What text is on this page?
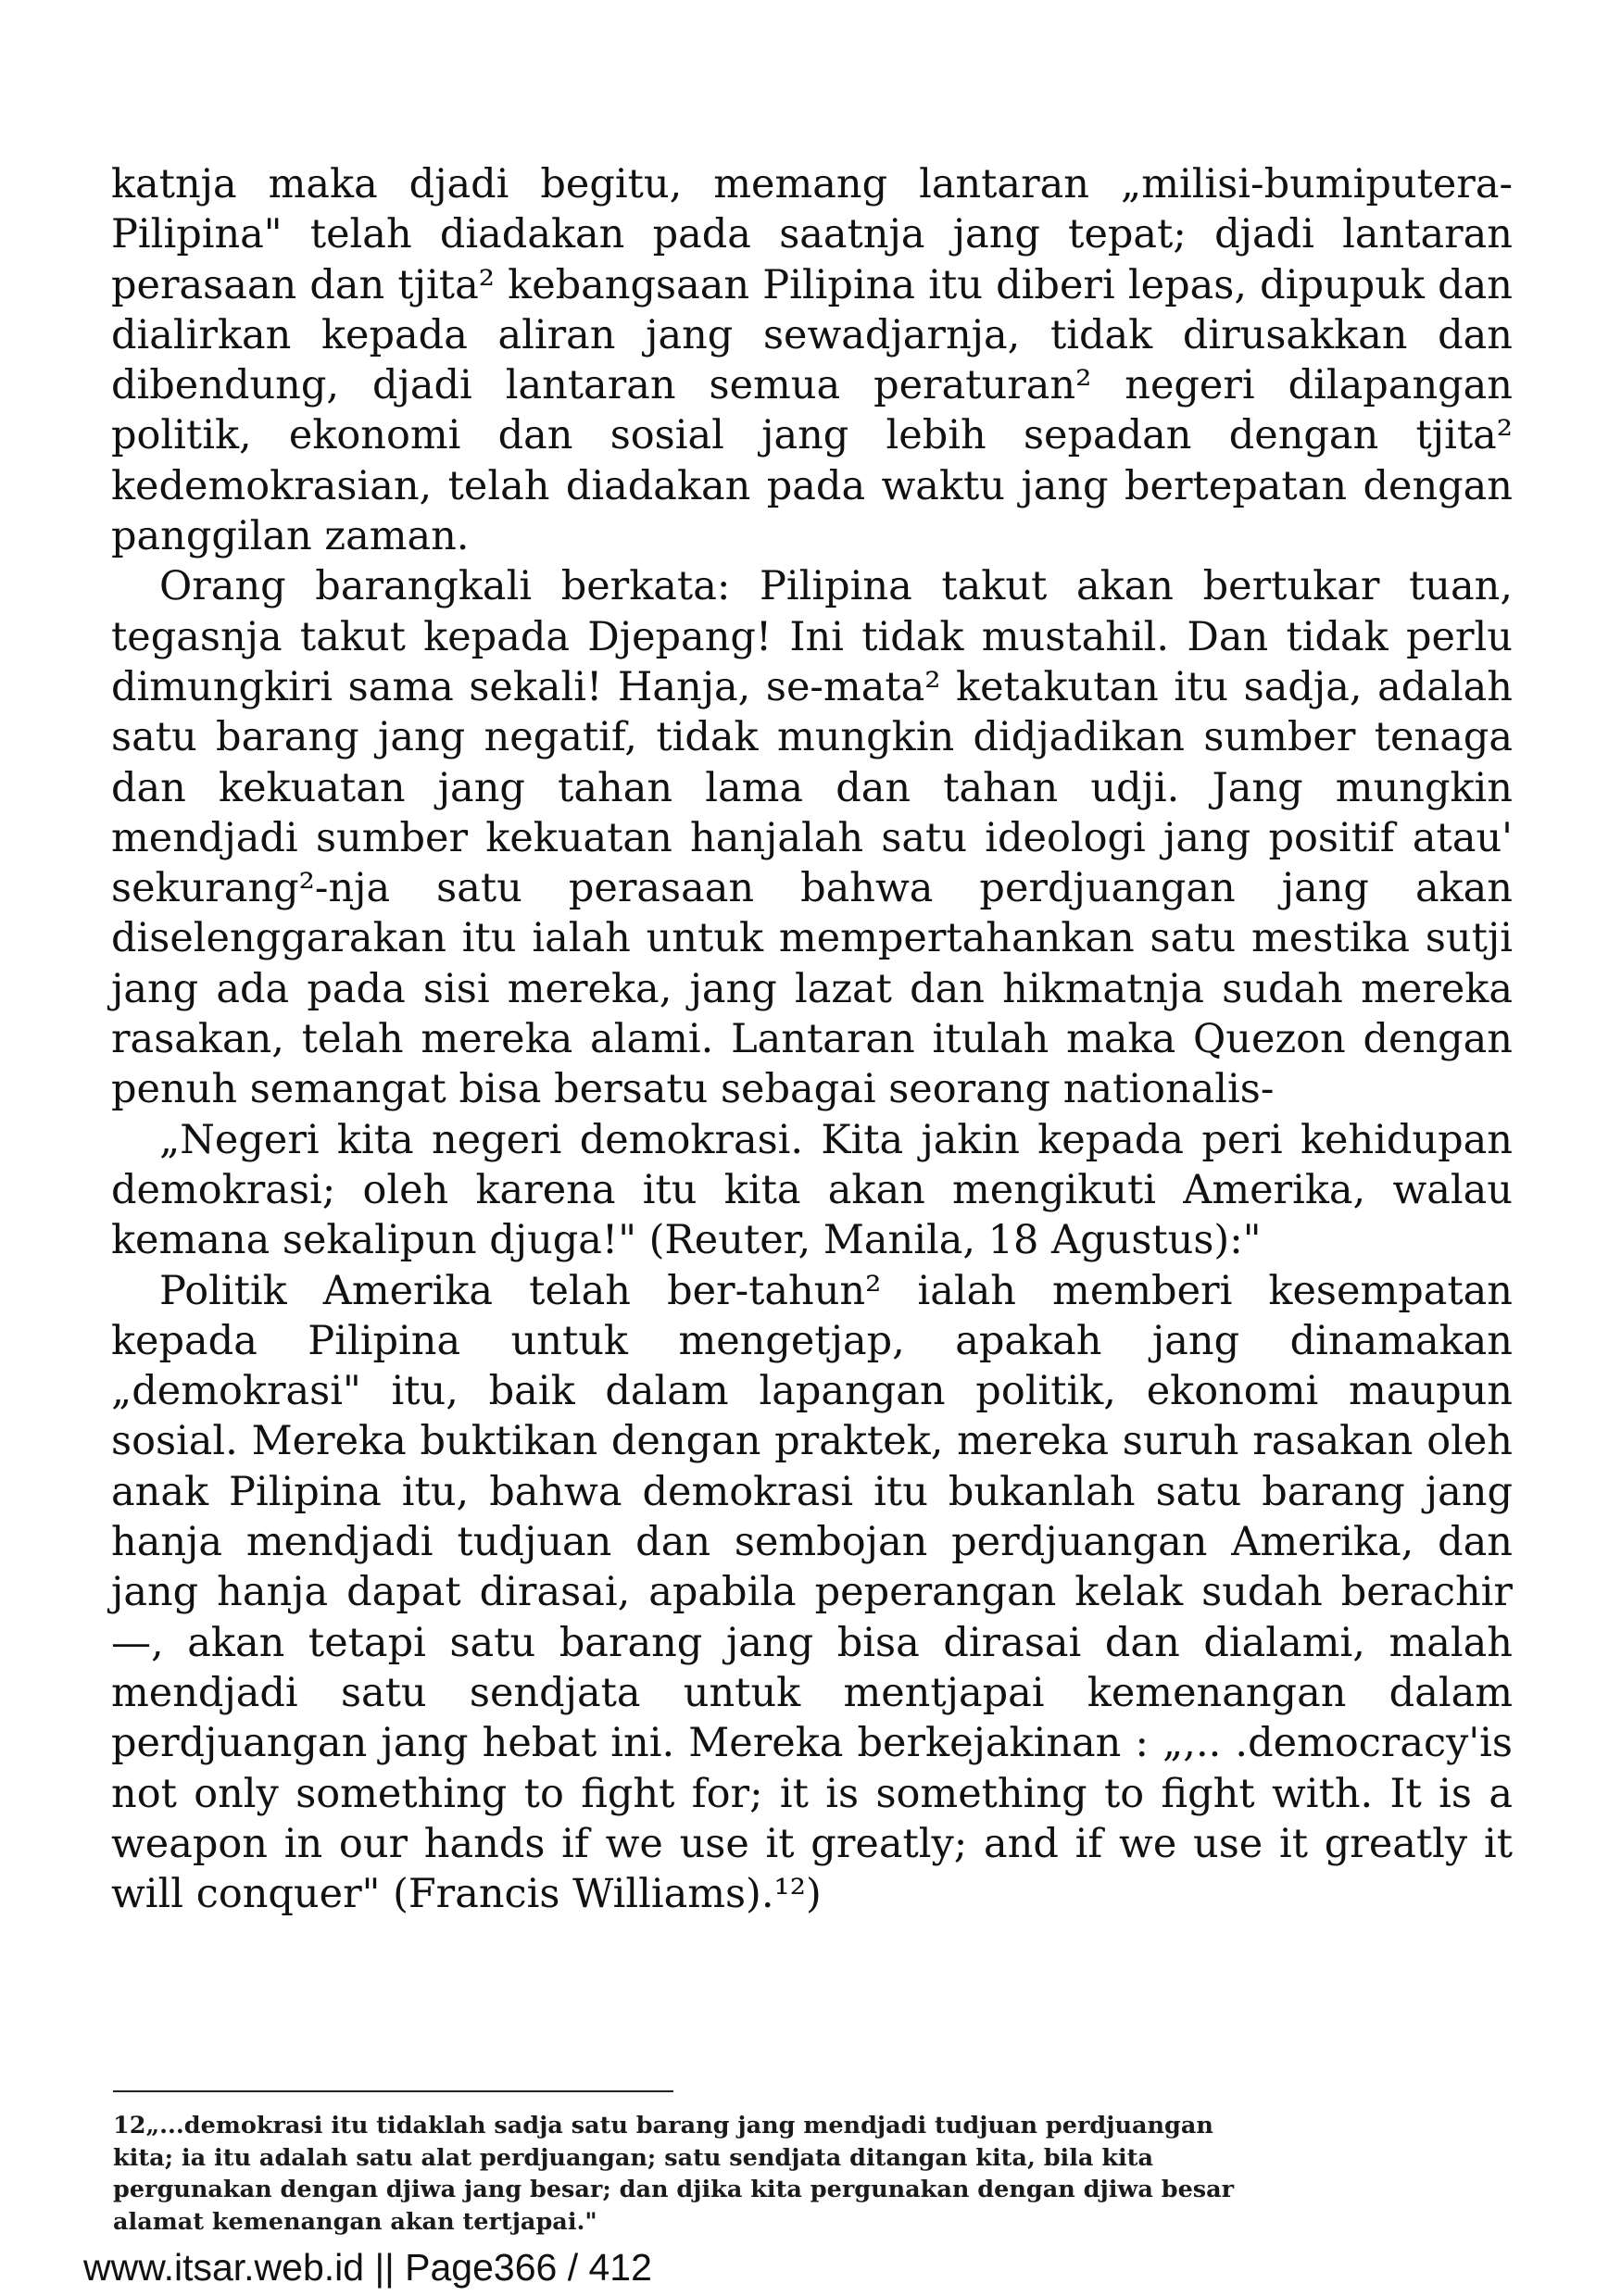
katnja maka djadi begitu, memang lantaran „milisi-bumiputera-Pilipina" telah diadakan pada saatnja jang tepat; djadi lantaran perasaan dan tjita² kebangsaan Pilipina itu diberi lepas, dipupuk dan dialirkan kepada aliran jang sewadjarnja, tidak dirusakkan dan dibendung, djadi lantaran semua peraturan² negeri dilapangan politik, ekonomi dan sosial jang lebih sepadan dengan tjita² kedemokrasian, telah diadakan pada waktu jang bertepatan dengan panggilan zaman.

Orang barangkali berkata: Pilipina takut akan bertukar tuan, tegasnja takut kepada Djepang! Ini tidak mustahil. Dan tidak perlu dimungkiri sama sekali! Hanja, se-mata² ketakutan itu sadja, adalah satu barang jang negatif, tidak mungkin didjadikan sumber tenaga dan kekuatan jang tahan lama dan tahan udji. Jang mungkin mendjadi sumber kekuatan hanjalah satu ideologi jang positif atau' sekurang²-nja satu perasaan bahwa perdjuangan jang akan diselenggarakan itu ialah untuk mempertahankan satu mestika sutji jang ada pada sisi mereka, jang lazat dan hikmatnja sudah mereka rasakan, telah mereka alami. Lantaran itulah maka Quezon dengan penuh semangat bisa bersatu sebagai seorang nationalis-

„Negeri kita negeri demokrasi. Kita jakin kepada peri kehidupan demokrasi; oleh karena itu kita akan mengikuti Amerika, walau kemana sekalipun djuga!" (Reuter, Manila, 18 Agustus):"

Politik Amerika telah ber-tahun² ialah memberi kesempatan kepada Pilipina untuk mengetjap, apakah jang dinamakan „demokrasi" itu, baik dalam lapangan politik, ekonomi maupun sosial. Mereka buktikan dengan praktek, mereka suruh rasakan oleh anak Pilipina itu, bahwa demokrasi itu bukanlah satu barang jang hanja mendjadi tudjuan dan sembojan perdjuangan Amerika, dan jang hanja dapat dirasai, apabila peperangan kelak sudah berachir —, akan tetapi satu barang jang bisa dirasai dan dialami, malah mendjadi satu sendjata untuk mentjapai kemenangan dalam perdjuangan jang hebat ini. Mereka berkejakinan : „,.. .democracy'is not only something to fight for; it is something to fight with. It is a weapon in our hands if we use it greatly; and if we use it greatly it will conquer" (Francis Williams).¹²)

12„...demokrasi itu tidaklah sadja satu barang jang mendjadi tudjuan perdjuangan kita; ia itu adalah satu alat perdjuangan; satu sendjata ditangan kita, bila kita pergunakan dengan djiwa jang besar; dan djika kita pergunakan dengan djiwa besar alamat kemenangan akan tertjapai."

www.itsar.web.id || Page366 / 412
